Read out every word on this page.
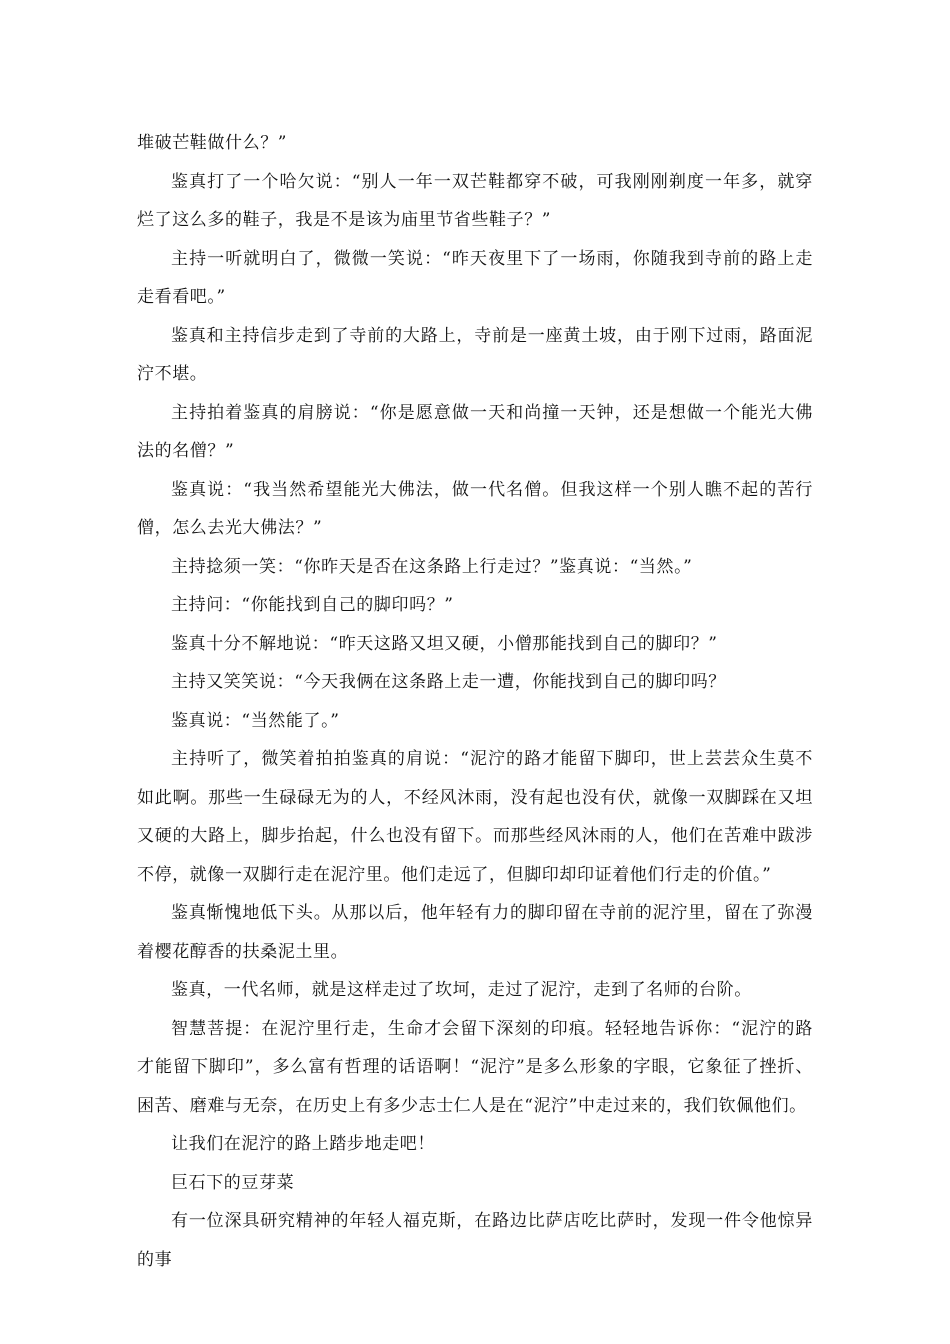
堆破芒鞋做什么？”

鉴真打了一个哈欠说：“别人一年一双芒鞋都穿不破，可我刚刚剃度一年多，就穿烂了这么多的鞋子，我是不是该为庙里节省些鞋子？”

主持一听就明白了，微微一笑说：“昨天夜里下了一场雨，你随我到寺前的路上走走看看吧。”

鉴真和主持信步走到了寺前的大路上，寺前是一座黄土坡，由于刚下过雨，路面泥泞不堪。

主持拍着鉴真的肩膀说：“你是愿意做一天和尚撞一天钟，还是想做一个能光大佛法的名僧？”

鉴真说：“我当然希望能光大佛法，做一代名僧。但我这样一个别人瞧不起的苦行僧，怎么去光大佛法？”

主持捻须一笑：“你昨天是否在这条路上行走过？”鉴真说：“当然。”

主持问：“你能找到自己的脚印吗？”

鉴真十分不解地说：“昨天这路又坦又硬，小僧那能找到自己的脚印？”

主持又笑笑说：“今天我俩在这条路上走一遭，你能找到自己的脚印吗？

鉴真说：“当然能了。”

主持听了，微笑着拍拍鉴真的肩说：“泥泞的路才能留下脚印，世上芸芸众生莫不如此啊。那些一生碌碌无为的人，不经风沐雨，没有起也没有伏，就像一双脚踩在又坦又硬的大路上，脚步抬起，什么也没有留下。而那些经风沐雨的人，他们在苦难中跋涉不停，就像一双脚行走在泥泞里。他们走远了，但脚印却印证着他们行走的价值。”

鉴真惭愧地低下头。从那以后，他年轻有力的脚印留在寺前的泥泞里，留在了弥漫着樱花醇香的扶桑泥土里。

鉴真，一代名师，就是这样走过了坎坷，走过了泥泞，走到了名师的台阶。

智慧菩提：在泥泞里行走，生命才会留下深刻的印痕。轻轻地告诉你：“泥泞的路才能留下脚印”，多么富有哲理的话语啊！“泥泞”是多么形象的字眼，它象征了挫折、困苦、磨难与无奈，在历史上有多少志士仁人是在“泥泞”中走过来的，我们钦佩他们。

让我们在泥泞的路上踏步地走吧！

巨石下的豆芽菜

有一位深具研究精神的年轻人福克斯，在路边比萨店吃比萨时，发现一件令他惊异的事
